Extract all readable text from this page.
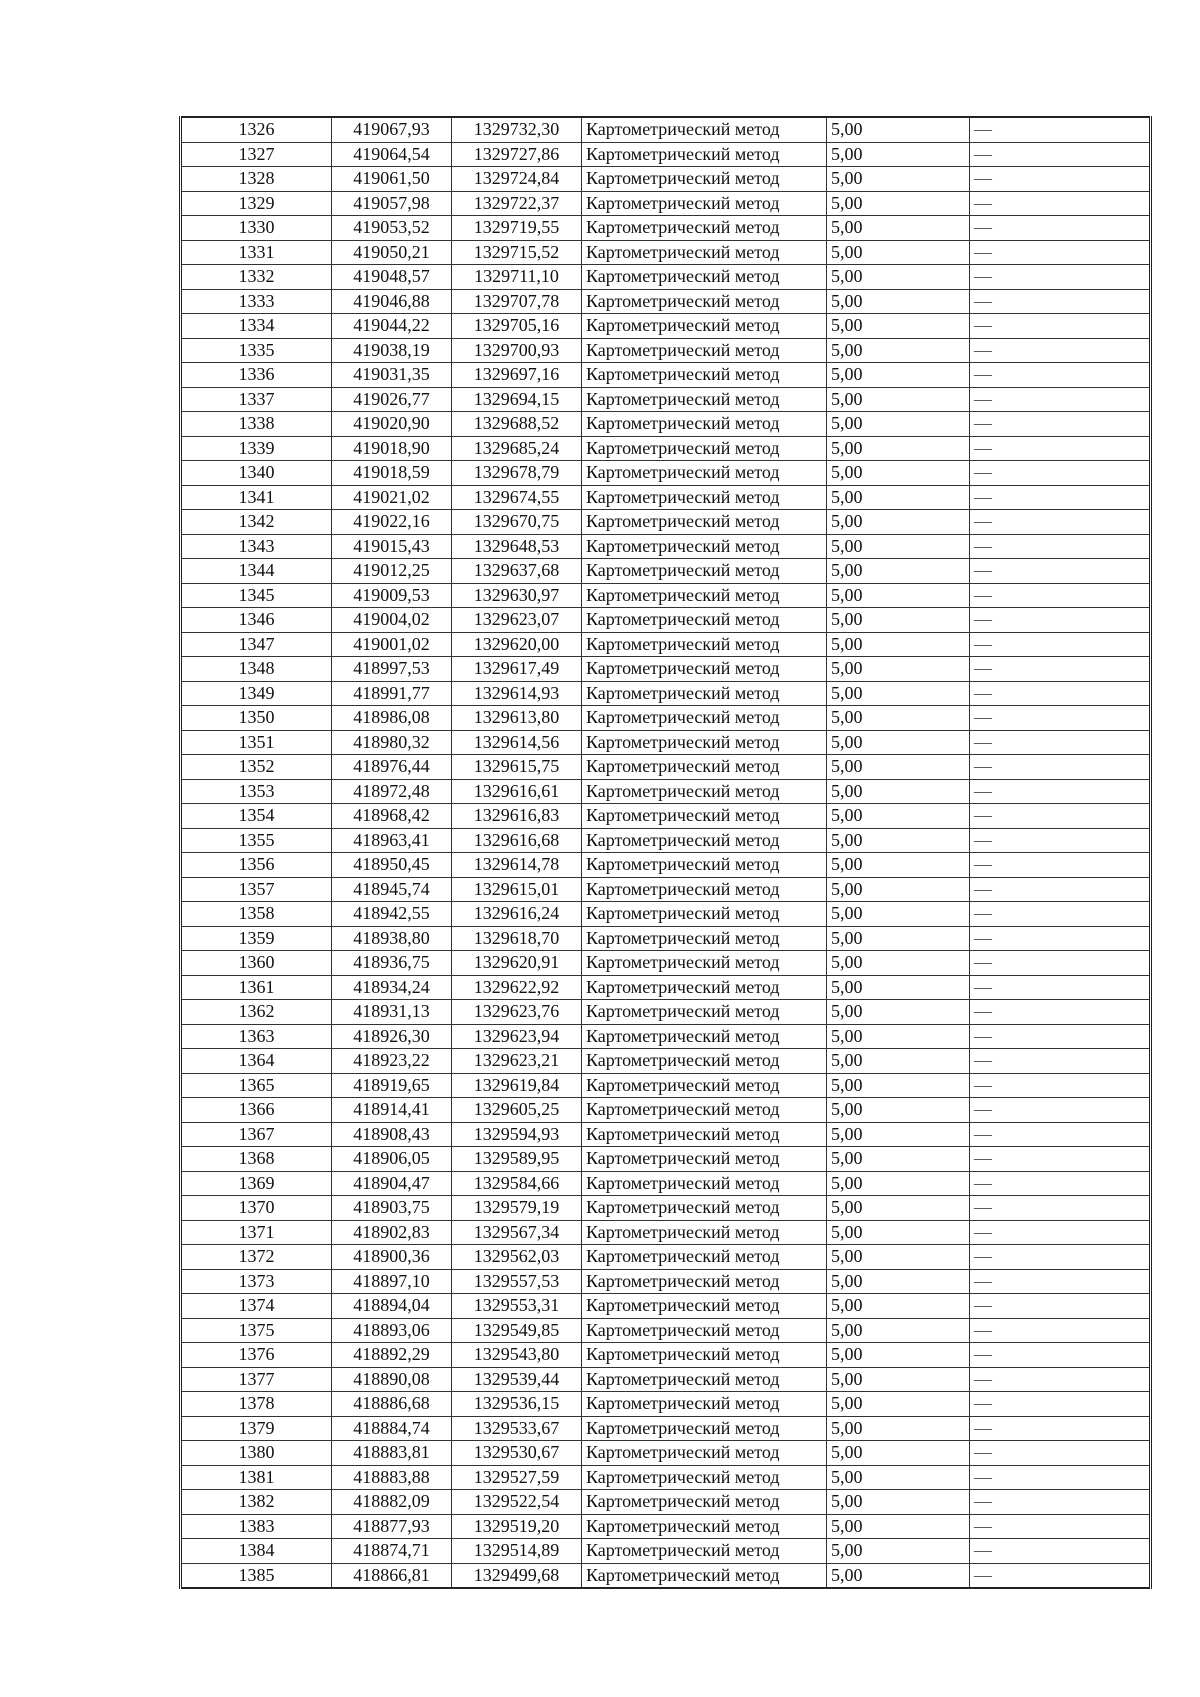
1326	419067,93	1329732,30	Картометрический метод	5,00	—
1327	419064,54	1329727,86	Картометрический метод	5,00	—
1328	419061,50	1329724,84	Картометрический метод	5,00	—
1329	419057,98	1329722,37	Картометрический метод	5,00	—
1330	419053,52	1329719,55	Картометрический метод	5,00	—
1331	419050,21	1329715,52	Картометрический метод	5,00	—
1332	419048,57	1329711,10	Картометрический метод	5,00	—
1333	419046,88	1329707,78	Картометрический метод	5,00	—
1334	419044,22	1329705,16	Картометрический метод	5,00	—
1335	419038,19	1329700,93	Картометрический метод	5,00	—
1336	419031,35	1329697,16	Картометрический метод	5,00	—
1337	419026,77	1329694,15	Картометрический метод	5,00	—
1338	419020,90	1329688,52	Картометрический метод	5,00	—
1339	419018,90	1329685,24	Картометрический метод	5,00	—
1340	419018,59	1329678,79	Картометрический метод	5,00	—
1341	419021,02	1329674,55	Картометрический метод	5,00	—
1342	419022,16	1329670,75	Картометрический метод	5,00	—
1343	419015,43	1329648,53	Картометрический метод	5,00	—
1344	419012,25	1329637,68	Картометрический метод	5,00	—
1345	419009,53	1329630,97	Картометрический метод	5,00	—
1346	419004,02	1329623,07	Картометрический метод	5,00	—
1347	419001,02	1329620,00	Картометрический метод	5,00	—
1348	418997,53	1329617,49	Картометрический метод	5,00	—
1349	418991,77	1329614,93	Картометрический метод	5,00	—
1350	418986,08	1329613,80	Картометрический метод	5,00	—
1351	418980,32	1329614,56	Картометрический метод	5,00	—
1352	418976,44	1329615,75	Картометрический метод	5,00	—
1353	418972,48	1329616,61	Картометрический метод	5,00	—
1354	418968,42	1329616,83	Картометрический метод	5,00	—
1355	418963,41	1329616,68	Картометрический метод	5,00	—
1356	418950,45	1329614,78	Картометрический метод	5,00	—
1357	418945,74	1329615,01	Картометрический метод	5,00	—
1358	418942,55	1329616,24	Картометрический метод	5,00	—
1359	418938,80	1329618,70	Картометрический метод	5,00	—
1360	418936,75	1329620,91	Картометрический метод	5,00	—
1361	418934,24	1329622,92	Картометрический метод	5,00	—
1362	418931,13	1329623,76	Картометрический метод	5,00	—
1363	418926,30	1329623,94	Картометрический метод	5,00	—
1364	418923,22	1329623,21	Картометрический метод	5,00	—
1365	418919,65	1329619,84	Картометрический метод	5,00	—
1366	418914,41	1329605,25	Картометрический метод	5,00	—
1367	418908,43	1329594,93	Картометрический метод	5,00	—
1368	418906,05	1329589,95	Картометрический метод	5,00	—
1369	418904,47	1329584,66	Картометрический метод	5,00	—
1370	418903,75	1329579,19	Картометрический метод	5,00	—
1371	418902,83	1329567,34	Картометрический метод	5,00	—
1372	418900,36	1329562,03	Картометрический метод	5,00	—
1373	418897,10	1329557,53	Картометрический метод	5,00	—
1374	418894,04	1329553,31	Картометрический метод	5,00	—
1375	418893,06	1329549,85	Картометрический метод	5,00	—
1376	418892,29	1329543,80	Картометрический метод	5,00	—
1377	418890,08	1329539,44	Картометрический метод	5,00	—
1378	418886,68	1329536,15	Картометрический метод	5,00	—
1379	418884,74	1329533,67	Картометрический метод	5,00	—
1380	418883,81	1329530,67	Картометрический метод	5,00	—
1381	418883,88	1329527,59	Картометрический метод	5,00	—
1382	418882,09	1329522,54	Картометрический метод	5,00	—
1383	418877,93	1329519,20	Картометрический метод	5,00	—
1384	418874,71	1329514,89	Картометрический метод	5,00	—
1385	418866,81	1329499,68	Картометрический метод	5,00	—
